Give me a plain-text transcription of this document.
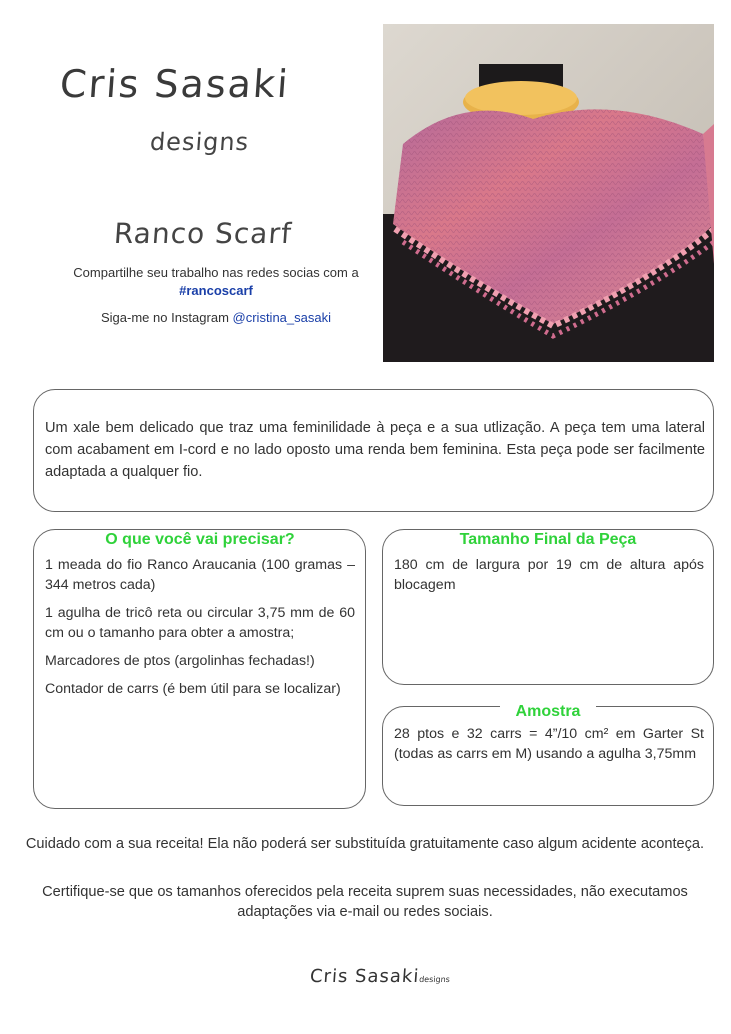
Cris Sasaki
designs
Ranco Scarf
Compartilhe seu trabalho nas redes socias com a
#rancoscarf
Siga-me no Instagram @cristina_sasaki
Um xale bem delicado que traz uma feminilidade à peça e a sua utlização. A peça tem uma lateral com acabament em I-cord e no lado oposto uma renda bem feminina. Esta peça pode ser facilmente adaptada a qualquer fio.
O que você vai precisar?

1 meada do fio Ranco Araucania (100 gramas – 344 metros cada)

1 agulha de tricô reta ou circular 3,75 mm de 60 cm ou o tamanho para obter a amostra;

Marcadores de ptos (argolinhas fechadas!)

Contador de carrs (é bem útil para se localizar)

Tamanho Final da Peça
180 cm de largura por 19 cm de altura após blocagem
Amostra
28 ptos e 32 carrs = 4”/10 cm² em Garter St (todas as carrs em M) usando a agulha 3,75mm
Cuidado com a sua receita! Ela não poderá ser substituída gratuitamente caso algum acidente aconteça.
Certifique-se que os tamanhos oferecidos pela receita suprem suas necessidades, não executamos adaptações via e-mail ou redes sociais.
Cris Sasakidesigns
